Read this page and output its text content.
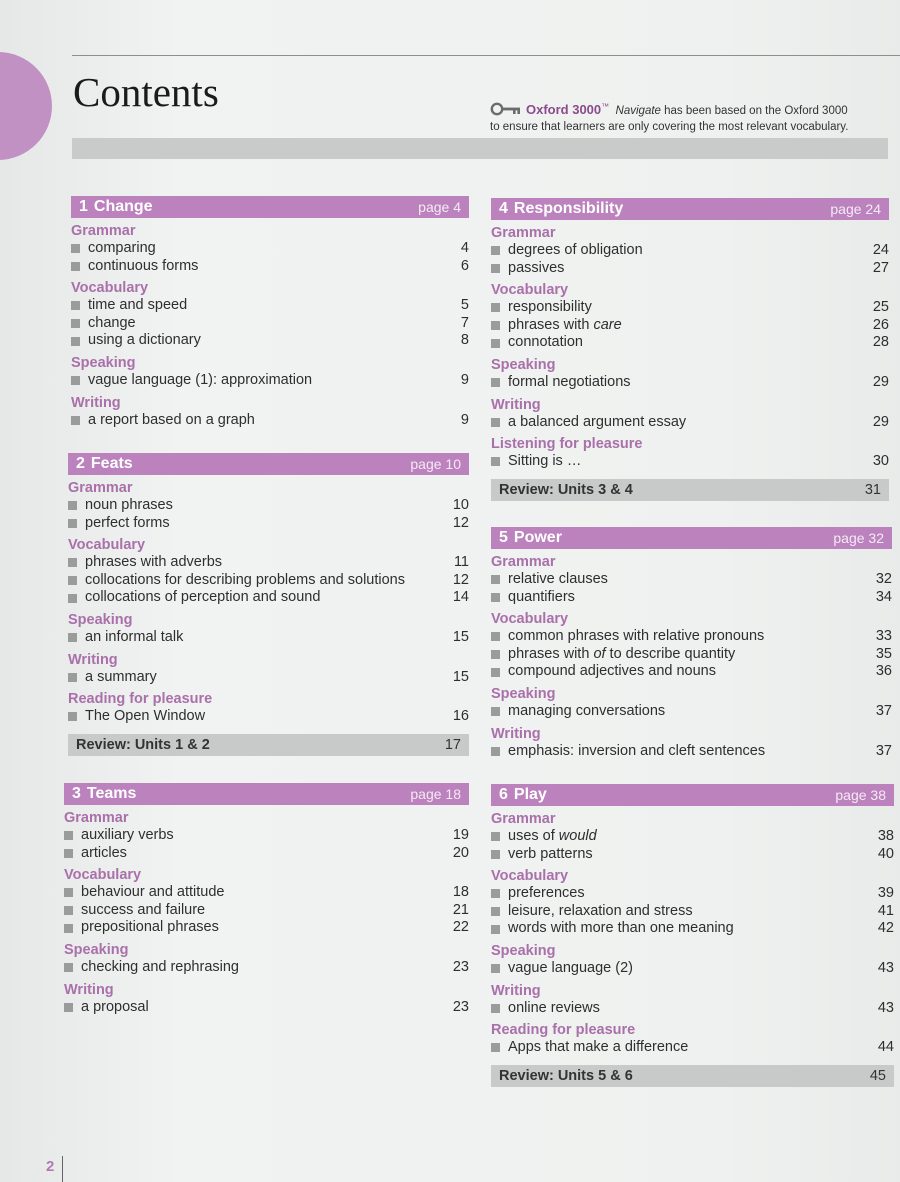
Contents	Oxford 3000™ Navigate has been based on the Oxford 3000
to ensure that learners are only covering the most relevant vocabulary.
1 Change	page 4
Grammar
comparing	4
continuous forms	6
Vocabulary
time and speed	5
change	7
using a dictionary	8
Speaking
vague language (1): approximation	9
Writing
a report based on a graph	9
2 Feats	page 10
Grammar
noun phrases	10
perfect forms	12
Vocabulary
phrases with adverbs	11
collocations for describing problems and solutions	12
collocations of perception and sound	14
Speaking
an informal talk	15
Writing
a summary	15
Reading for pleasure
The Open Window	16
Review: Units 1 & 2	17
3 Teams	page 18
Grammar
auxiliary verbs	19
articles	20
Vocabulary
behaviour and attitude	18
success and failure	21
prepositional phrases	22
Speaking
checking and rephrasing	23
Writing
a proposal	23
4 Responsibility	page 24
Grammar
degrees of obligation	24
passives	27
Vocabulary
responsibility	25
phrases with care	26
connotation	28
Speaking
formal negotiations	29
Writing
a balanced argument essay	29
Listening for pleasure
Sitting is …	30
Review: Units 3 & 4	31
5 Power	page 32
Grammar
relative clauses	32
quantifiers	34
Vocabulary
common phrases with relative pronouns	33
phrases with of to describe quantity	35
compound adjectives and nouns	36
Speaking
managing conversations	37
Writing
emphasis: inversion and cleft sentences	37
6 Play	page 38
Grammar
uses of would	38
verb patterns	40
Vocabulary
preferences	39
leisure, relaxation and stress	41
words with more than one meaning	42
Speaking
vague language (2)	43
Writing
online reviews	43
Reading for pleasure
Apps that make a difference	44
Review: Units 5 & 6	45
2
